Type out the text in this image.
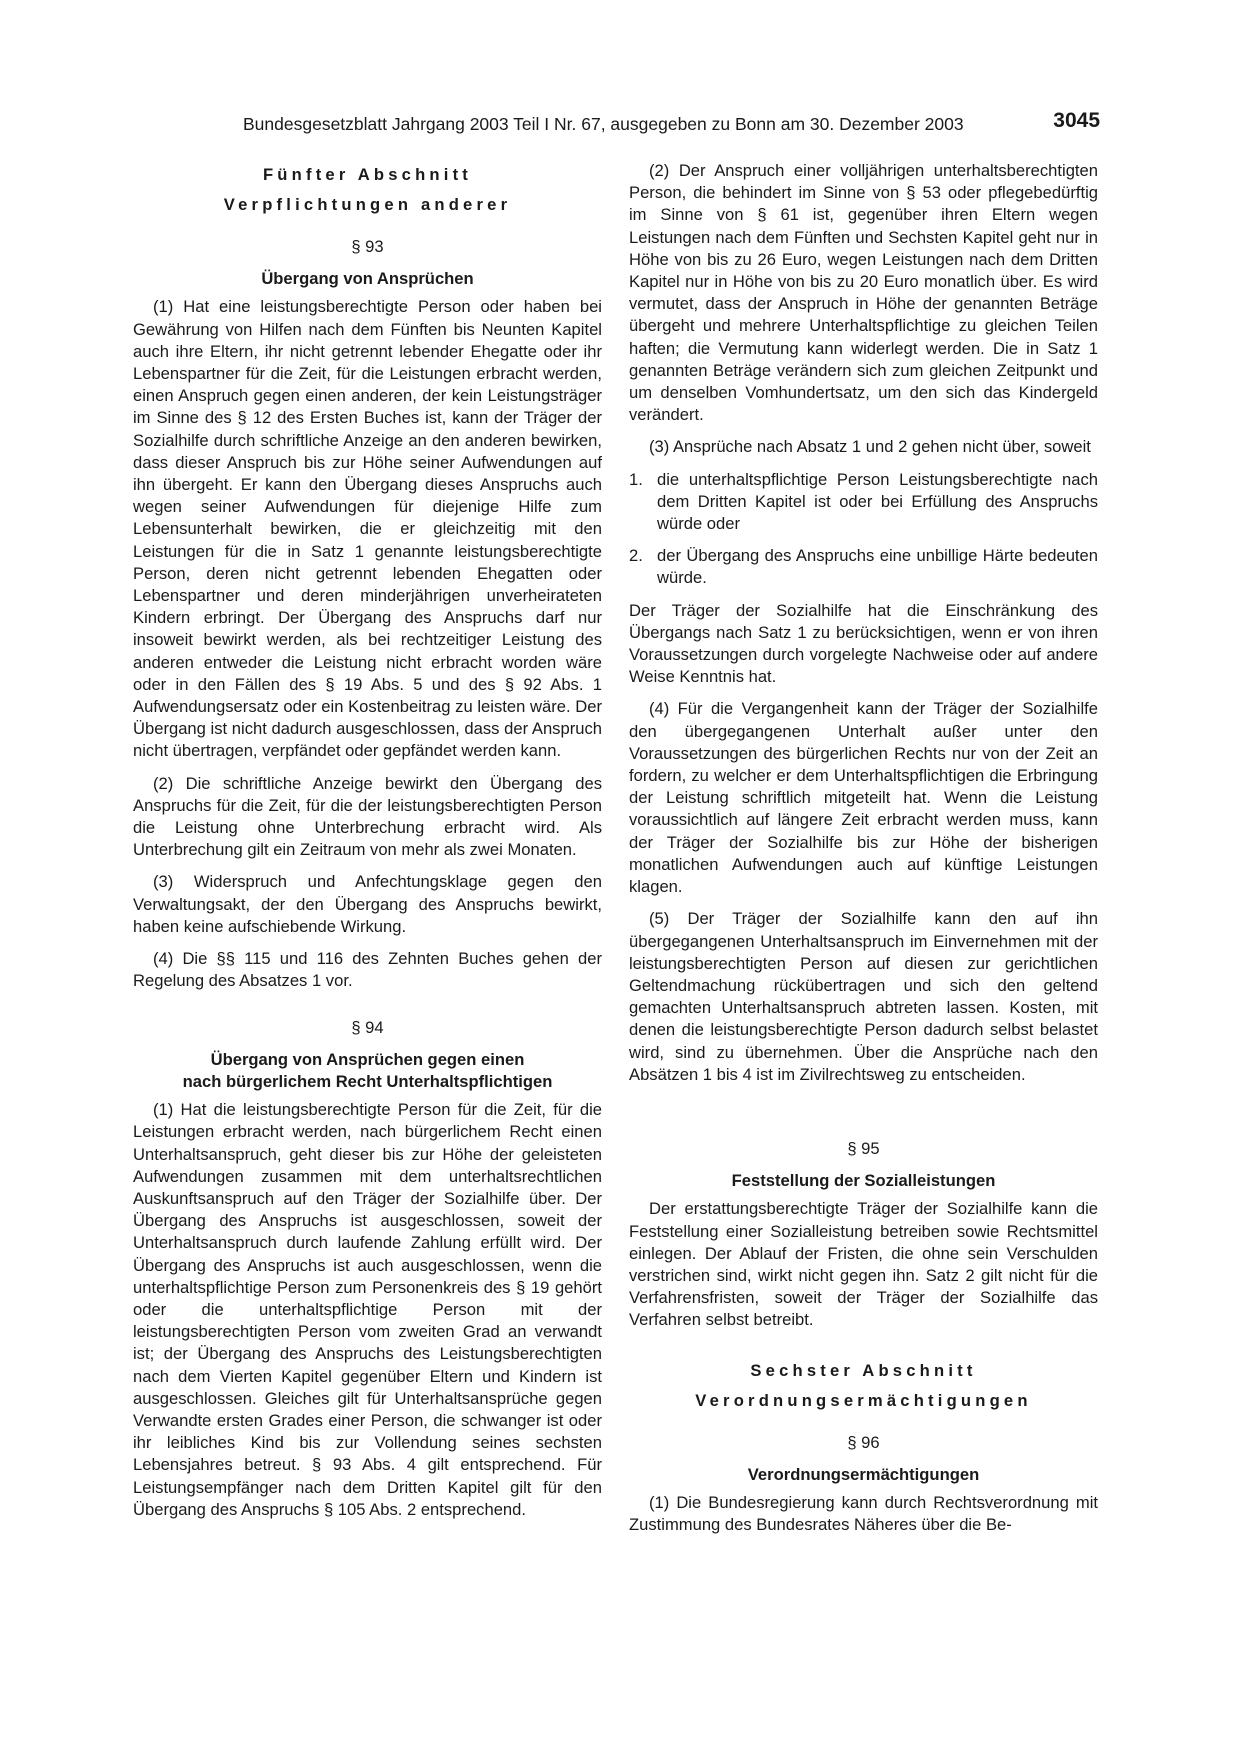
Bundesgesetzblatt Jahrgang 2003 Teil I Nr. 67, ausgegeben zu Bonn am 30. Dezember 2003	3045
Fünfter Abschnitt
Verpflichtungen anderer
§ 93
Übergang von Ansprüchen

(1) Hat eine leistungsberechtigte Person oder haben bei Gewährung von Hilfen nach dem Fünften bis Neunten Kapitel auch ihre Eltern, ihr nicht getrennt lebender Ehegatte oder ihr Lebenspartner für die Zeit, für die Leistungen erbracht werden, einen Anspruch gegen einen anderen, der kein Leistungsträger im Sinne des § 12 des Ersten Buches ist, kann der Träger der Sozialhilfe durch schriftliche Anzeige an den anderen bewirken, dass dieser Anspruch bis zur Höhe seiner Aufwendungen auf ihn übergeht. Er kann den Übergang dieses Anspruchs auch wegen seiner Aufwendungen für diejenige Hilfe zum Lebensunterhalt bewirken, die er gleichzeitig mit den Leistungen für die in Satz 1 genannte leistungsberechtigte Person, deren nicht getrennt lebenden Ehegatten oder Lebenspartner und deren minderjährigen unverheirateten Kindern erbringt. Der Übergang des Anspruchs darf nur insoweit bewirkt werden, als bei rechtzeitiger Leistung des anderen entweder die Leistung nicht erbracht worden wäre oder in den Fällen des § 19 Abs. 5 und des § 92 Abs. 1 Aufwendungsersatz oder ein Kostenbeitrag zu leisten wäre. Der Übergang ist nicht dadurch ausgeschlossen, dass der Anspruch nicht übertragen, verpfändet oder gepfändet werden kann.

(2) Die schriftliche Anzeige bewirkt den Übergang des Anspruchs für die Zeit, für die der leistungsberechtigten Person die Leistung ohne Unterbrechung erbracht wird. Als Unterbrechung gilt ein Zeitraum von mehr als zwei Monaten.

(3) Widerspruch und Anfechtungsklage gegen den Verwaltungsakt, der den Übergang des Anspruchs bewirkt, haben keine aufschiebende Wirkung.

(4) Die §§ 115 und 116 des Zehnten Buches gehen der Regelung des Absatzes 1 vor.

§ 94
Übergang von Ansprüchen gegen einen
nach bürgerlichem Recht Unterhaltspflichtigen

(1) Hat die leistungsberechtigte Person für die Zeit, für die Leistungen erbracht werden, nach bürgerlichem Recht einen Unterhaltsanspruch, geht dieser bis zur Höhe der geleisteten Aufwendungen zusammen mit dem unterhaltsrechtlichen Auskunftsanspruch auf den Träger der Sozialhilfe über. Der Übergang des Anspruchs ist ausgeschlossen, soweit der Unterhaltsanspruch durch laufende Zahlung erfüllt wird. Der Übergang des Anspruchs ist auch ausgeschlossen, wenn die unterhaltspflichtige Person zum Personenkreis des § 19 gehört oder die unterhaltspflichtige Person mit der leistungsberechtigten Person vom zweiten Grad an verwandt ist; der Übergang des Anspruchs des Leistungsberechtigten nach dem Vierten Kapitel gegenüber Eltern und Kindern ist ausgeschlossen. Gleiches gilt für Unterhaltsansprüche gegen Verwandte ersten Grades einer Person, die schwanger ist oder ihr leibliches Kind bis zur Vollendung seines sechsten Lebensjahres betreut. § 93 Abs. 4 gilt entsprechend. Für Leistungsempfänger nach dem Dritten Kapitel gilt für den Übergang des Anspruchs § 105 Abs. 2 entsprechend.

(2) Der Anspruch einer volljährigen unterhaltsberechtigten Person, die behindert im Sinne von § 53 oder pflegebedürftig im Sinne von § 61 ist, gegenüber ihren Eltern wegen Leistungen nach dem Fünften und Sechsten Kapitel geht nur in Höhe von bis zu 26 Euro, wegen Leistungen nach dem Dritten Kapitel nur in Höhe von bis zu 20 Euro monatlich über. Es wird vermutet, dass der Anspruch in Höhe der genannten Beträge übergeht und mehrere Unterhaltspflichtige zu gleichen Teilen haften; die Vermutung kann widerlegt werden. Die in Satz 1 genannten Beträge verändern sich zum gleichen Zeitpunkt und um denselben Vomhundertsatz, um den sich das Kindergeld verändert.

(3) Ansprüche nach Absatz 1 und 2 gehen nicht über, soweit

1. die unterhaltspflichtige Person Leistungsberechtigte nach dem Dritten Kapitel ist oder bei Erfüllung des Anspruchs würde oder
2. der Übergang des Anspruchs eine unbillige Härte bedeuten würde.

Der Träger der Sozialhilfe hat die Einschränkung des Übergangs nach Satz 1 zu berücksichtigen, wenn er von ihren Voraussetzungen durch vorgelegte Nachweise oder auf andere Weise Kenntnis hat.

(4) Für die Vergangenheit kann der Träger der Sozialhilfe den übergegangenen Unterhalt außer unter den Voraussetzungen des bürgerlichen Rechts nur von der Zeit an fordern, zu welcher er dem Unterhaltspflichtigen die Erbringung der Leistung schriftlich mitgeteilt hat. Wenn die Leistung voraussichtlich auf längere Zeit erbracht werden muss, kann der Träger der Sozialhilfe bis zur Höhe der bisherigen monatlichen Aufwendungen auch auf künftige Leistungen klagen.

(5) Der Träger der Sozialhilfe kann den auf ihn übergegangenen Unterhaltsanspruch im Einvernehmen mit der leistungsberechtigten Person auf diesen zur gerichtlichen Geltendmachung rückübertragen und sich den geltend gemachten Unterhaltsanspruch abtreten lassen. Kosten, mit denen die leistungsberechtigte Person dadurch selbst belastet wird, sind zu übernehmen. Über die Ansprüche nach den Absätzen 1 bis 4 ist im Zivilrechtsweg zu entscheiden.

§ 95
Feststellung der Sozialleistungen

Der erstattungsberechtigte Träger der Sozialhilfe kann die Feststellung einer Sozialleistung betreiben sowie Rechtsmittel einlegen. Der Ablauf der Fristen, die ohne sein Verschulden verstrichen sind, wirkt nicht gegen ihn. Satz 2 gilt nicht für die Verfahrensfristen, soweit der Träger der Sozialhilfe das Verfahren selbst betreibt.

Sechster Abschnitt
Verordnungsermächtigungen
§ 96
Verordnungsermächtigungen

(1) Die Bundesregierung kann durch Rechtsverordnung mit Zustimmung des Bundesrates Näheres über die Be-
